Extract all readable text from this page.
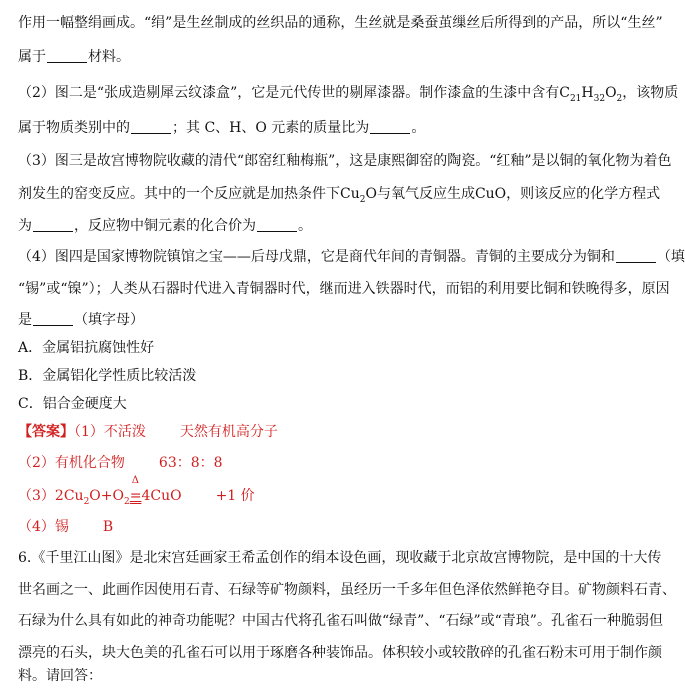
作用一幅整绢画成。“绢”是生丝制成的丝织品的通称，生丝就是桑蚕茧缫丝后所得到的产品，所以“生丝”
属于	材料。
（2）图二是“张成造剔犀云纹漆盒”，它是元代传世的剔犀漆器。制作漆盒的生漆中含有$C_{21}H_{32}O_2$，该物质
属于物质类别中的	；其 C、H、O 元素的质量比为	。
（3）图三是故宫博物院收藏的清代“郎窑红釉梅瓶”，这是康熙御窑的陶瓷。“红釉”是以铜的氧化物为着色
剂发生的窑变反应。其中的一个反应就是加热条件下$Cu_2O$与氧气反应生成CuO，则该反应的化学方程式
为	，反应物中铜元素的化合价为	。
（4）图四是国家博物院镇馆之宝——后母戊鼎，它是商代年间的青铜器。青铜的主要成分为铜和	（填
“锡”或“镍”）；人类从石器时代进入青铜器时代，继而进入铁器时代，而铝的利用要比铜和铁晚得多，原因
是	（填字母）
A．金属铝抗腐蚀性好
B．金属铝化学性质比较活泼
C．铝合金硬度大
【答案】（1）不活泼 天然有机高分子
（2）有机化合物 63：8：8
$(3)2Cu_2O+O_2$
Δ
=4CuO +1 价
（4）锡 B
6.《千里江山图》是北宋宫廷画家王希孟创作的绢本设色画，现收藏于北京故宫博物院，是中国的十大传
世名画之一、此画作因使用石青、石绿等矿物颜料，虽经历一千多年但色泽依然鲜艳夺目。矿物颜料石青、
石绿为什么具有如此的神奇功能呢？中国古代将孔雀石叫做“绿青”、“石绿”或“青琅”。孔雀石一种脆弱但
漂亮的石头，块大色美的孔雀石可以用于琢磨各种装饰品。体积较小或较散碎的孔雀石粉末可用于制作颜
料。请回答：
